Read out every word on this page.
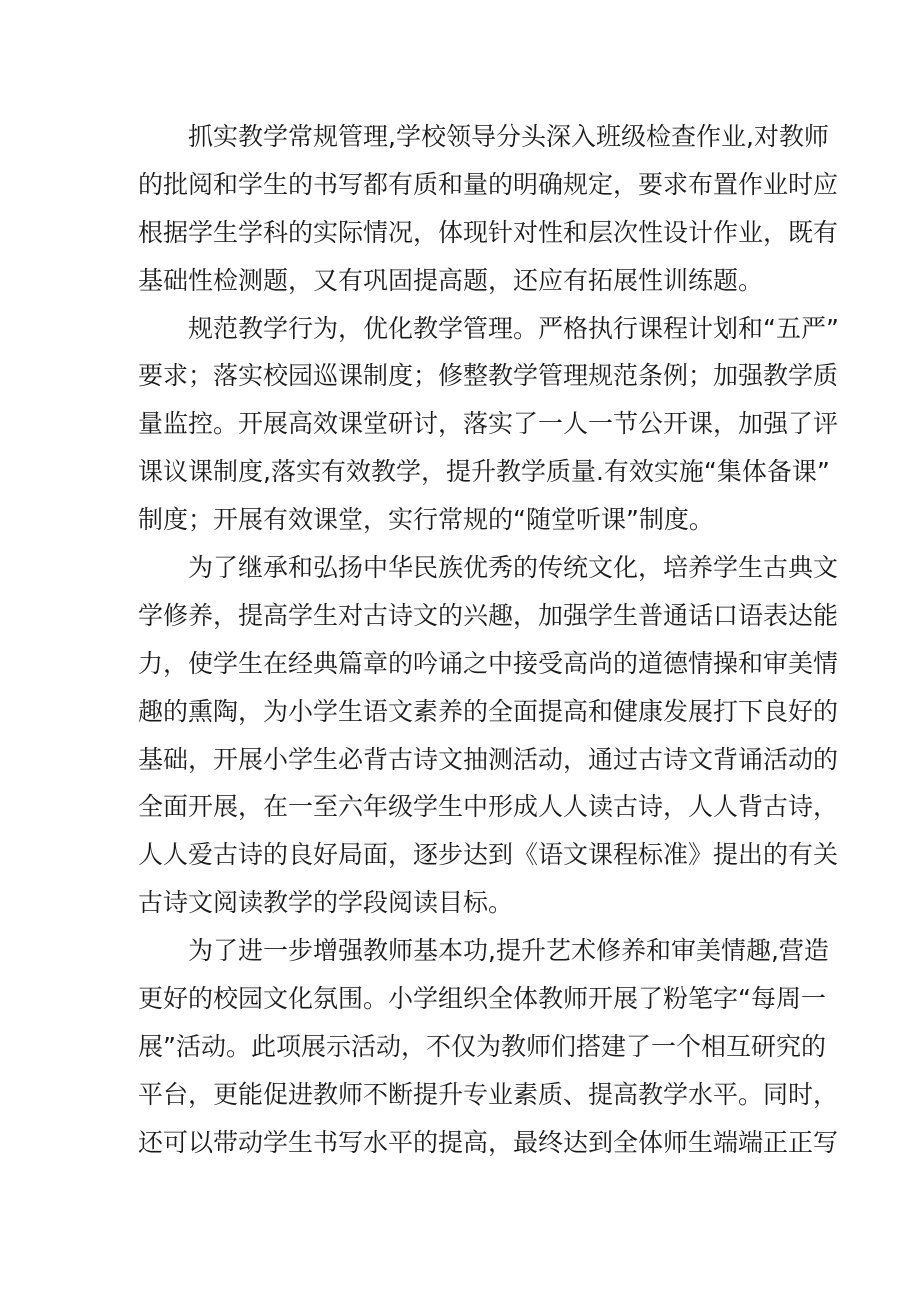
抓实教学常规管理,学校领导分头深入班级检查作业,对教师
的批阅和学生的书写都有质和量的明确规定，要求布置作业时应
根据学生学科的实际情况，体现针对性和层次性设计作业，既有
基础性检测题，又有巩固提高题，还应有拓展性训练题。
规范教学行为，优化教学管理。严格执行课程计划和“五严”
要求；落实校园巡课制度；修整教学管理规范条例；加强教学质
量监控。开展高效课堂研讨，落实了一人一节公开课，加强了评
课议课制度,落实有效教学，提升教学质量.有效实施“集体备课”
制度；开展有效课堂，实行常规的“随堂听课”制度。
为了继承和弘扬中华民族优秀的传统文化，培养学生古典文
学修养，提高学生对古诗文的兴趣，加强学生普通话口语表达能
力，使学生在经典篇章的吟诵之中接受高尚的道德情操和审美情
趣的熏陶，为小学生语文素养的全面提高和健康发展打下良好的
基础，开展小学生必背古诗文抽测活动，通过古诗文背诵活动的
全面开展，在一至六年级学生中形成人人读古诗，人人背古诗，
人人爱古诗的良好局面，逐步达到《语文课程标准》提出的有关
古诗文阅读教学的学段阅读目标。
为了进一步增强教师基本功,提升艺术修养和审美情趣,营造
更好的校园文化氛围。小学组织全体教师开展了粉笔字“每周一
展”活动。此项展示活动，不仅为教师们搭建了一个相互研究的
平台，更能促进教师不断提升专业素质、提高教学水平。同时，
还可以带动学生书写水平的提高，最终达到全体师生端端正正写
